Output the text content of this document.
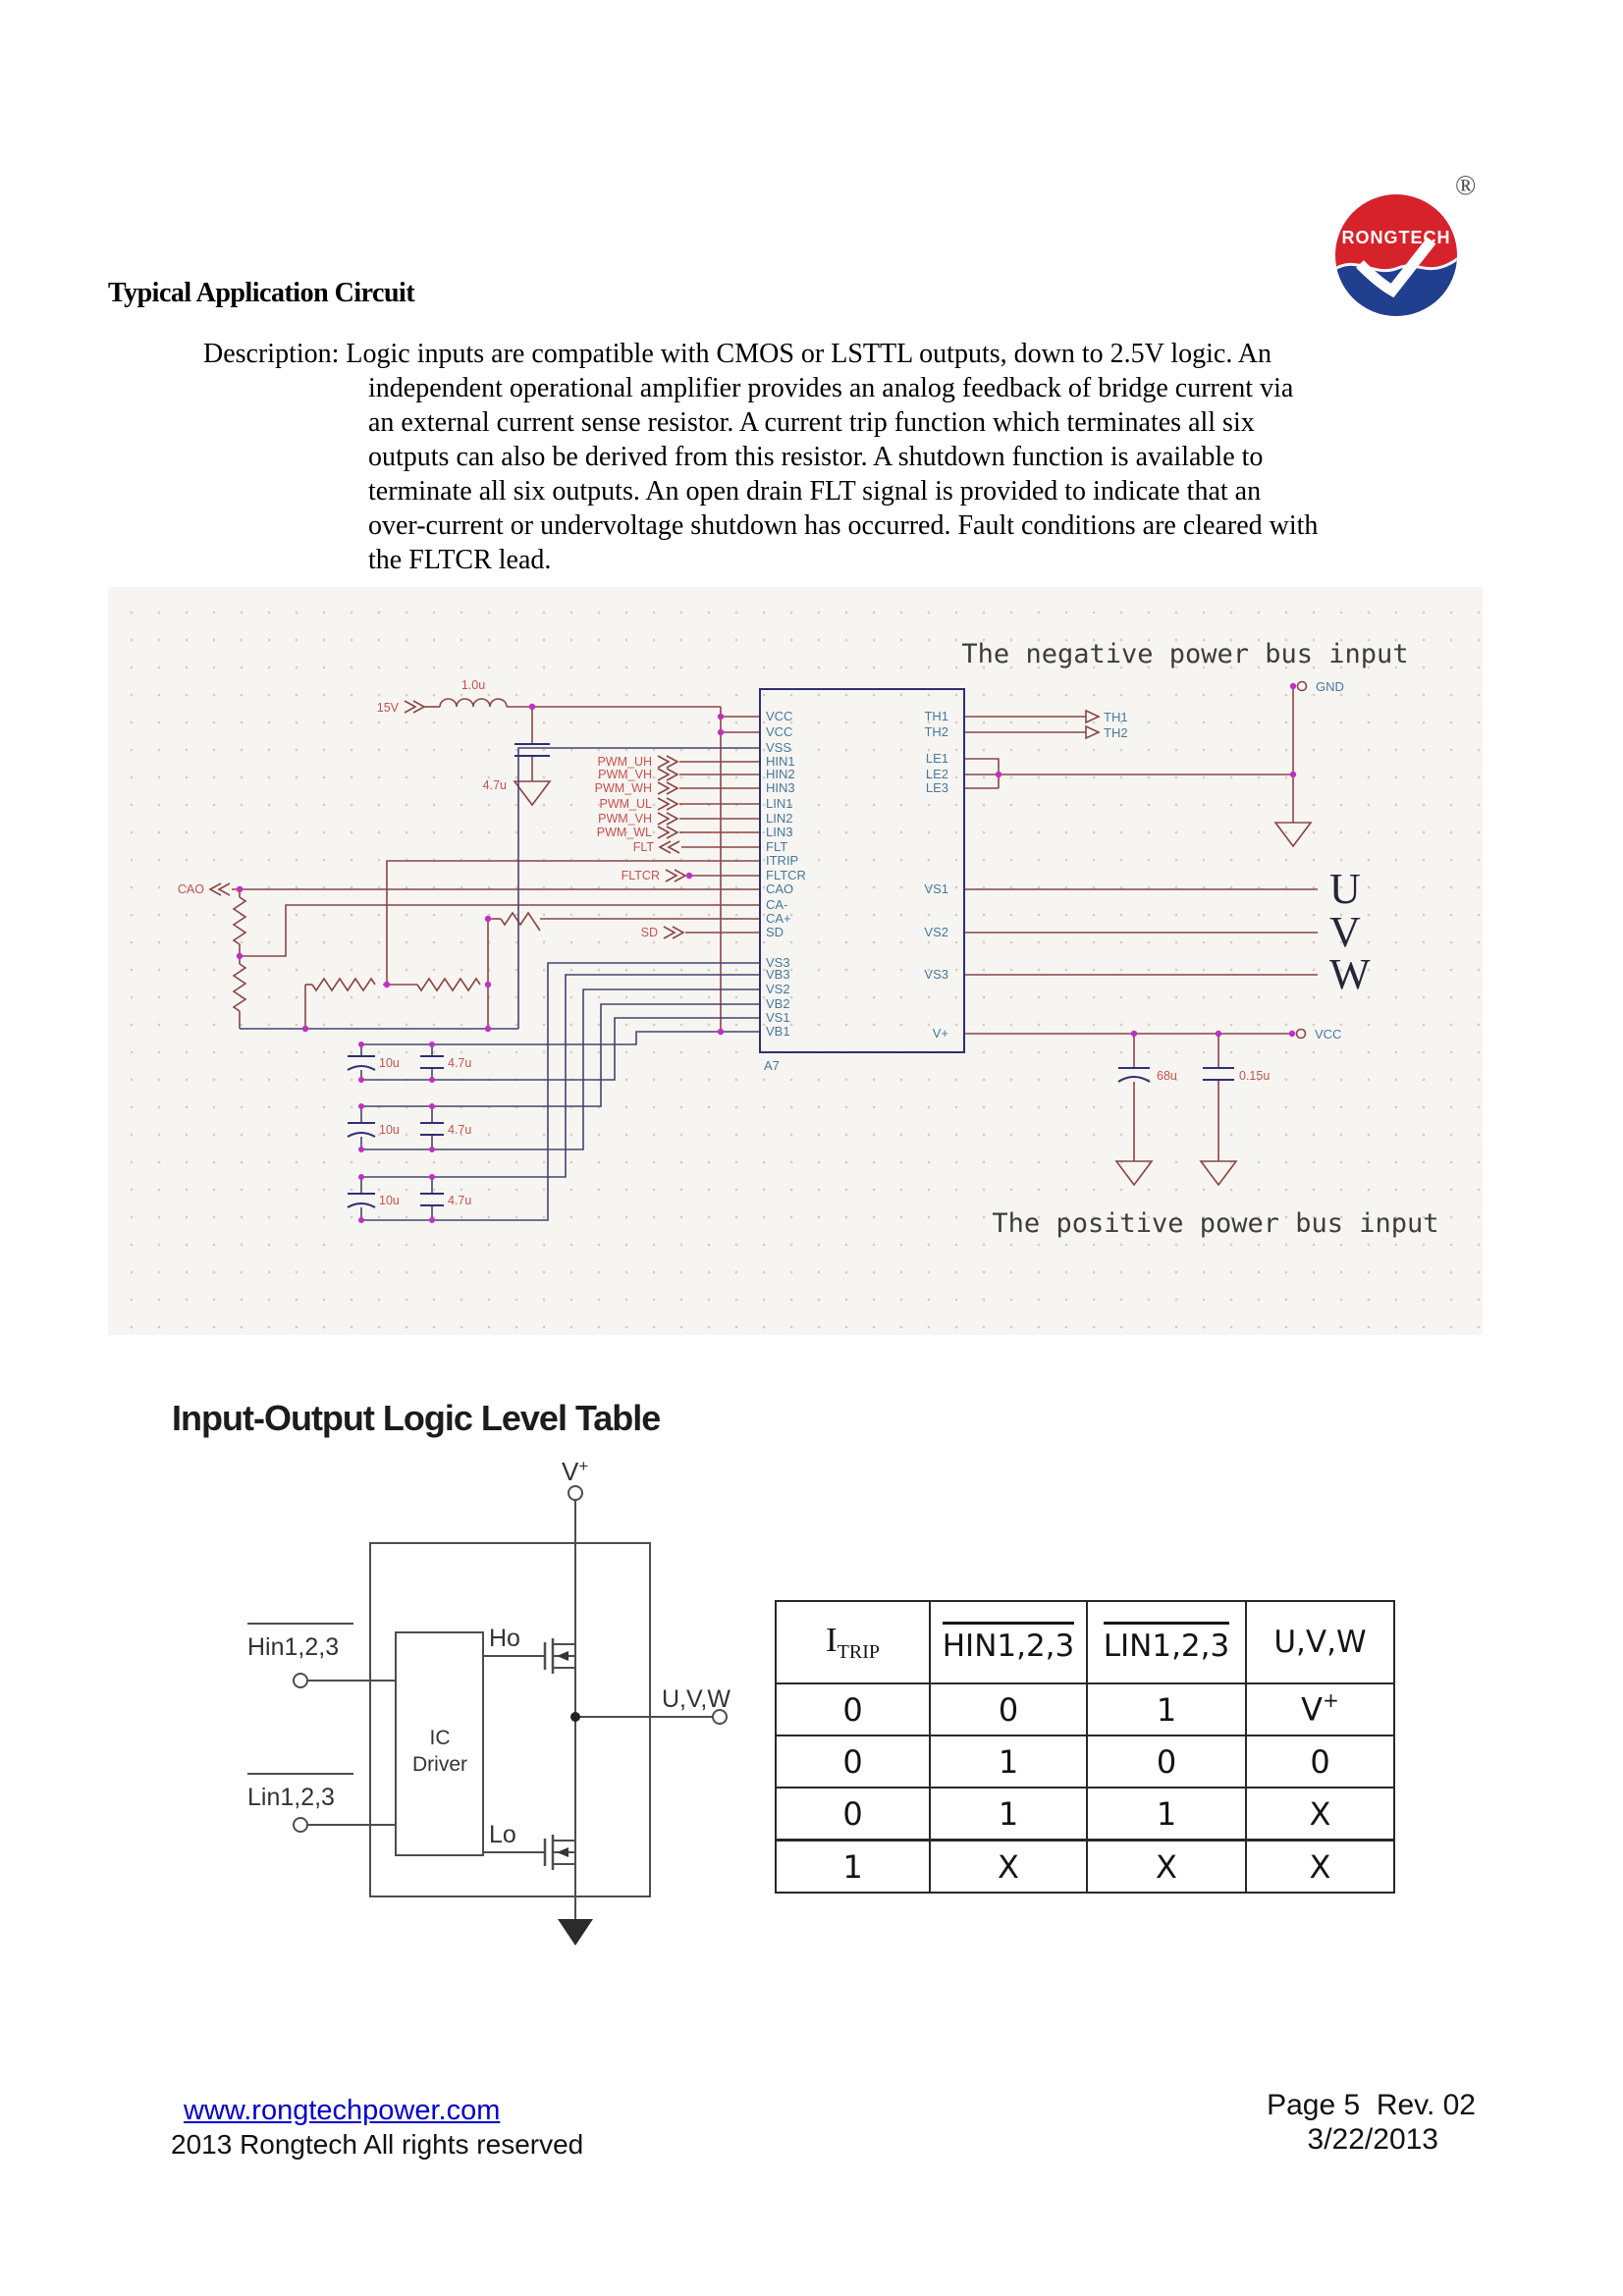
RONGTECH
®
Typical Application Circuit
Description: Logic inputs are compatible with CMOS or LSTTL outputs, down to 2.5V logic. An
independent operational amplifier provides an analog feedback of bridge current via
an external current sense resistor. A current trip function which terminates all six
outputs can also be derived from this resistor. A shutdown function is available to
terminate all six outputs. An open drain FLT signal is provided to indicate that an
over-current or undervoltage shutdown has occurred. Fault conditions are cleared with
the FLTCR lead.
The negative power bus input
The positive power bus input
15V
1.0u
4.7u
PWM_UH
PWM_VH
PWM_WH
PWM_UL
PWM_VH
PWM_WL
FLT
FLTCR
SD
CAO
VCC
VCC
VSS
HIN1
HIN2
HIN3
LIN1
LIN2
LIN3
FLT
ITRIP
FLTCR
CAO
CA-
CA+
SD
VS3
VB3
VS2
VB2
VS1
VB1
TH1
TH2
LE1
LE2
LE3
VS1
VS2
VS3
V+
A7
GND
VCC
TH1
TH2
U
V
W
68u	0.15u
10u	4.7u
10u	4.7u
10u	4.7u
Input-Output Logic Level Table
V+
Hin1,2,3
Lin1,2,3
Ho
Lo
IC
Driver
U,V,W
$I_{TRIP}$	HIN1,2,3	LIN1,2,3	U,V,W
0	0	1	V+
0	1	0	0
0	1	1	X
1	X	X	X
www.rongtechpower.com
2013 Rongtech All rights reserved
Page 5  Rev. 02
3/22/2013
